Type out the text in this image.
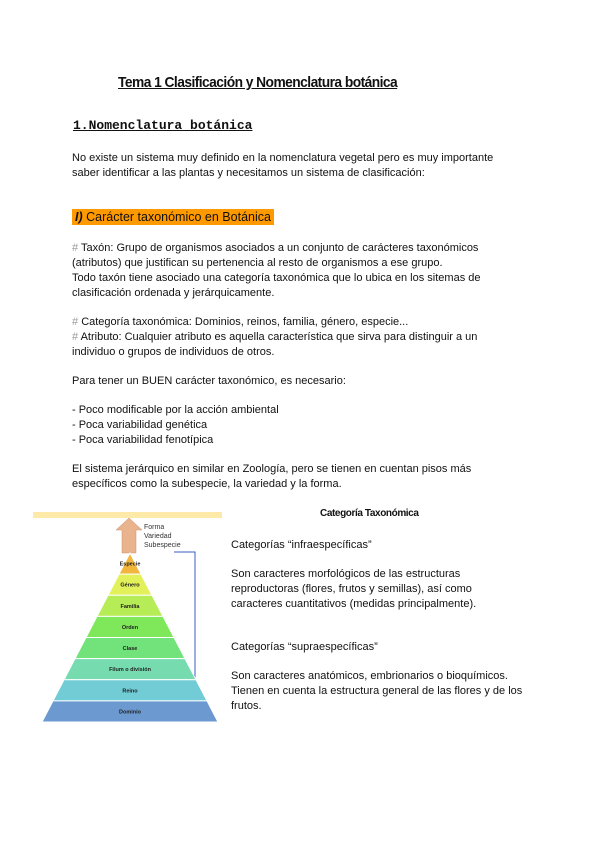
Tema 1 Clasificación y Nomenclatura botánica
1.Nomenclatura botánica
No existe un sistema muy definido en la nomenclatura vegetal pero es muy importante
saber identificar a las plantas y necesitamos un sistema de clasificación:
I) Carácter taxonómico en Botánica
# Taxón: Grupo de organismos asociados a un conjunto de carácteres taxonómicos
(atributos) que justifican su pertenencia al resto de organismos a ese grupo.
Todo taxón tiene asociado una categoría taxonómica que lo ubica en los sitemas de
clasificación ordenada y jerárquicamente.
# Categoría taxonómica: Dominios, reinos, familia, género, especie...
# Atributo: Cualquier atributo es aquella característica que sirva para distinguir a un
individuo o grupos de individuos de otros.
Para tener un BUEN carácter taxonómico, es necesario:
- Poco modificable por la acción ambiental
- Poca variabilidad genética
- Poca variabilidad fenotípica
El sistema jerárquico en similar en Zoología, pero se tienen en cuentan pisos más
específicos como la subespecie, la variedad y la forma.
Especie
Género
Familia
Orden
Clase
Filum o división
Reino
Dominio
Forma
Variedad
Subespecie
Categoría Taxonómica
Categorías “infraespecíficas”
Son caracteres morfológicos de las estructuras
reproductoras (flores, frutos y semillas), así como
caracteres cuantitativos (medidas principalmente).
Categorías “supraespecíficas”
Son caracteres anatómicos, embrionarios o bioquímicos.
Tienen en cuenta la estructura general de las flores y de los
frutos.
